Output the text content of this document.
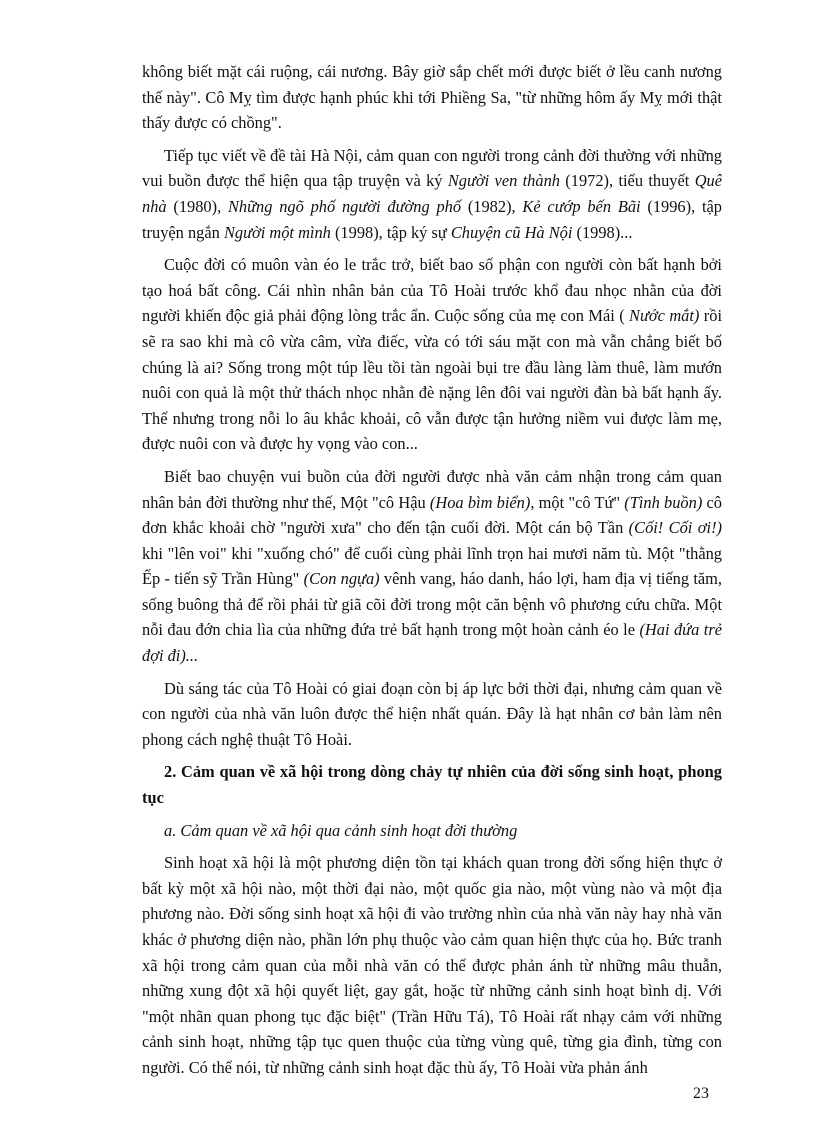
không biết mặt cái ruộng, cái nương. Bây giờ sắp chết mới được biết ở lều canh nương thế này". Cô Mỵ tìm được hạnh phúc khi tới Phiềng Sa, "từ những hôm ấy Mỵ mới thật thấy được có chồng".

Tiếp tục viết về đề tài Hà Nội, cảm quan con người trong cảnh đời thường với những vui buồn được thể hiện qua tập truyện và ký Người ven thành (1972), tiểu thuyết Quê nhà (1980), Những ngõ phố người đường phố (1982), Kẻ cướp bến Bãi (1996), tập truyện ngắn Người một mình (1998), tập ký sự Chuyện cũ Hà Nội (1998)...

Cuộc đời có muôn vàn éo le trắc trở, biết bao số phận con người còn bất hạnh bởi tạo hoá bất công. Cái nhìn nhân bản của Tô Hoài trước khổ đau nhọc nhằn của đời người khiến độc giả phải động lòng trắc ẩn. Cuộc sống của mẹ con Mái ( Nước mắt) rồi sẽ ra sao khi mà cô vừa câm, vừa điếc, vừa có tới sáu mặt con mà vẫn chẳng biết bố chúng là ai? Sống trong một túp lều tồi tàn ngoài bụi tre đầu làng làm thuê, làm mướn nuôi con quả là một thử thách nhọc nhằn đè nặng lên đôi vai người đàn bà bất hạnh ấy. Thế nhưng trong nỗi lo âu khắc khoải, cô vẫn được tận hưởng niềm vui được làm mẹ, được nuôi con và được hy vọng vào con...

Biết bao chuyện vui buồn của đời người được nhà văn cảm nhận trong cảm quan nhân bản đời thường như thế, Một "cô Hậu (Hoa bìm biển), một "cô Tứ" (Tình buồn) cô đơn khắc khoải chờ "người xưa" cho đến tận cuối đời. Một cán bộ Tần (Cối! Cối ơi!) khi "lên voi" khi "xuống chó" để cuối cùng phải lĩnh trọn hai mươi năm tù. Một "thằng Ếp - tiến sỹ Trần Hùng" (Con ngựa) vênh vang, háo danh, háo lợi, ham địa vị tiếng tăm, sống buông thả để rồi phải từ giã cõi đời trong một căn bệnh vô phương cứu chữa. Một nỗi đau đớn chia lìa của những đứa trẻ bất hạnh trong một hoàn cảnh éo le (Hai đứa trẻ đợi đi)...

Dù sáng tác của Tô Hoài có giai đoạn còn bị áp lực bởi thời đại, nhưng cảm quan về con người của nhà văn luôn được thể hiện nhất quán. Đây là hạt nhân cơ bản làm nên phong cách nghệ thuật Tô Hoài.

2. Cảm quan về xã hội trong dòng chảy tự nhiên của đời sống sinh hoạt, phong tục

a. Cảm quan về xã hội qua cảnh sinh hoạt đời thường

Sinh hoạt xã hội là một phương diện tồn tại khách quan trong đời sống hiện thực ở bất kỳ một xã hội nào, một thời đại nào, một quốc gia nào, một vùng nào và một địa phương nào. Đời sống sinh hoạt xã hội đi vào trường nhìn của nhà văn này hay nhà văn khác ở phương diện nào, phần lớn phụ thuộc vào cảm quan hiện thực của họ. Bức tranh xã hội trong cảm quan của mỗi nhà văn có thể được phản ánh từ những mâu thuẫn, những xung đột xã hội quyết liệt, gay gắt, hoặc từ những cảnh sinh hoạt bình dị. Với "một nhãn quan phong tục đặc biệt" (Trần Hữu Tá), Tô Hoài rất nhạy cảm với những cảnh sinh hoạt, những tập tục quen thuộc của từng vùng quê, từng gia đình, từng con người. Có thể nói, từ những cảnh sinh hoạt đặc thù ấy, Tô Hoài vừa phản ánh

23
